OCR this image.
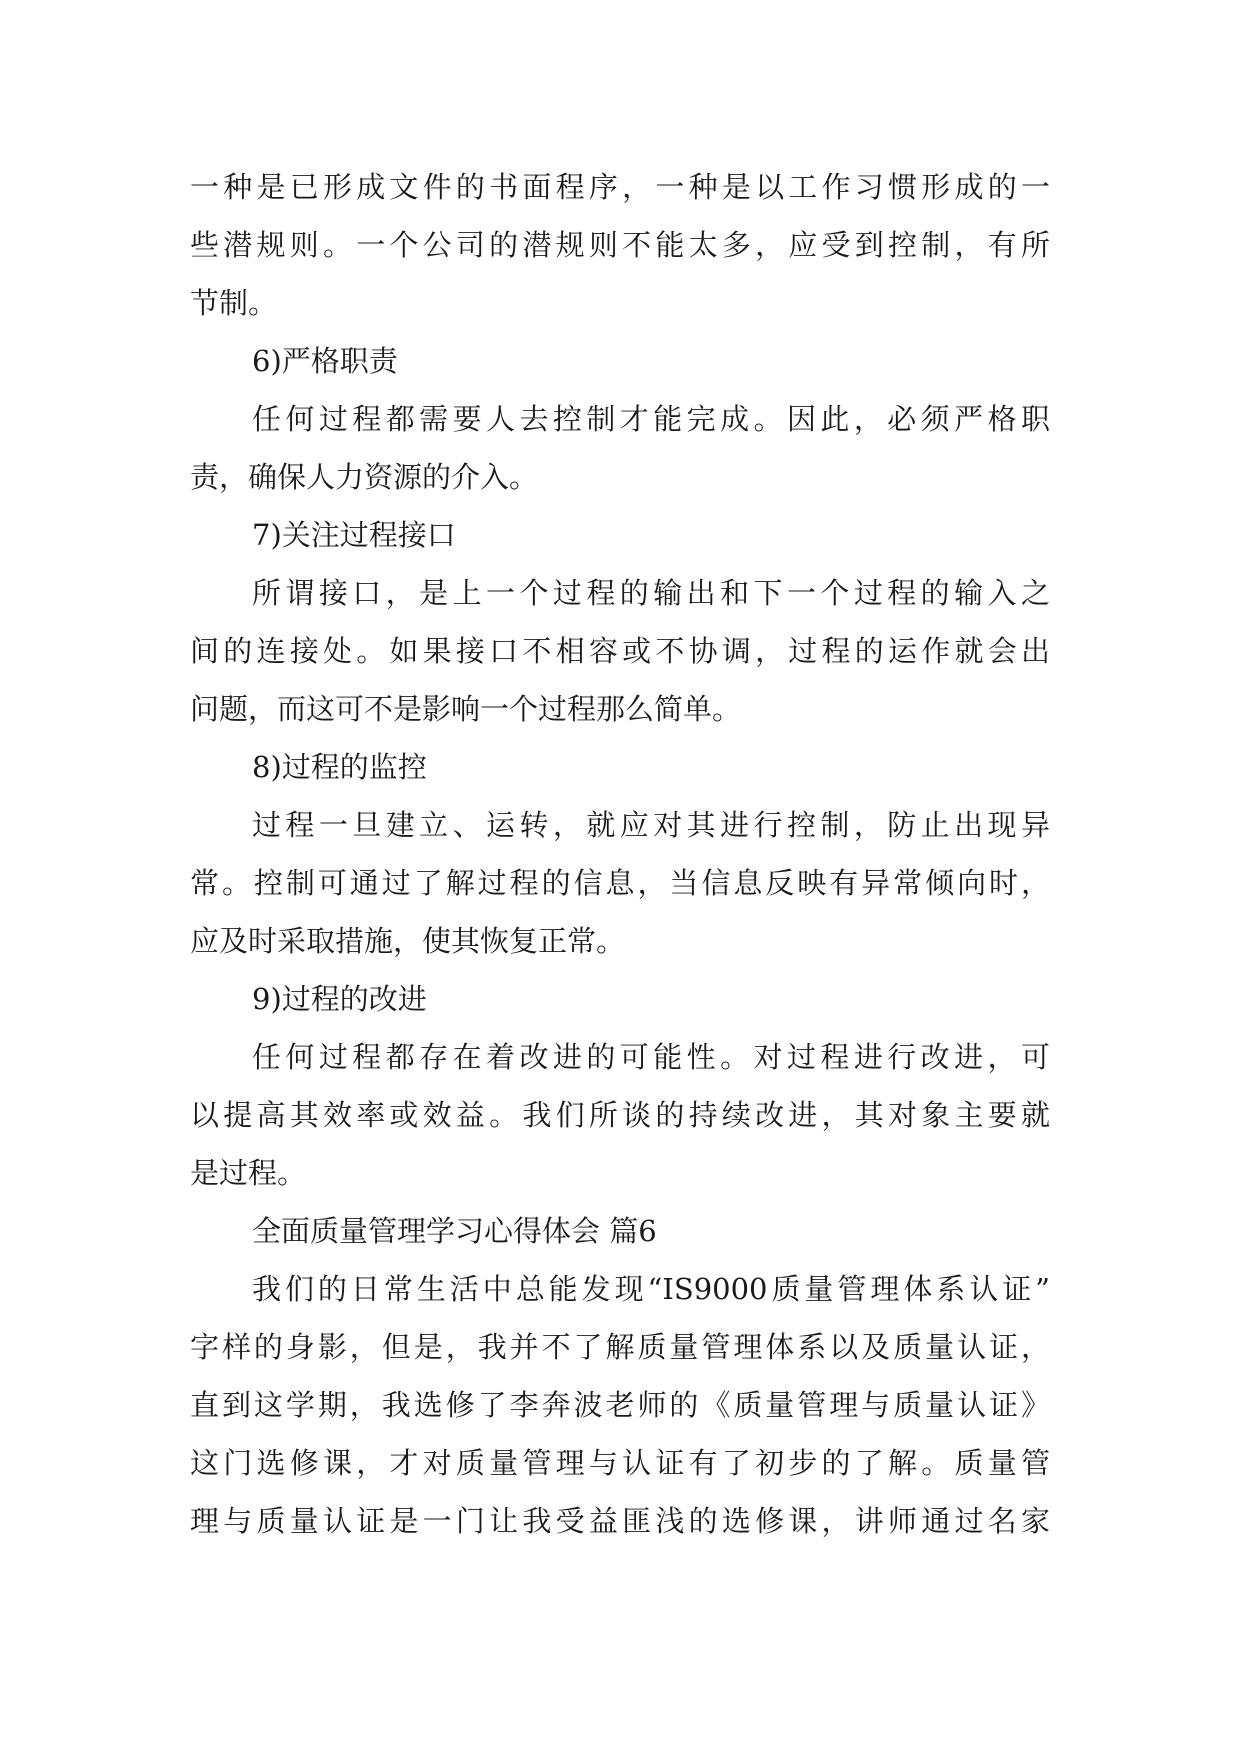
一种是已形成文件的书面程序，一种是以工作习惯形成的一
些潜规则。一个公司的潜规则不能太多，应受到控制，有所
节制。
6)严格职责
任何过程都需要人去控制才能完成。因此，必须严格职
责，确保人力资源的介入。
7)关注过程接口
所谓接口，是上一个过程的输出和下一个过程的输入之
间的连接处。如果接口不相容或不协调，过程的运作就会出
问题，而这可不是影响一个过程那么简单。
8)过程的监控
过程一旦建立、运转，就应对其进行控制，防止出现异
常。控制可通过了解过程的信息，当信息反映有异常倾向时，
应及时采取措施，使其恢复正常。
9)过程的改进
任何过程都存在着改进的可能性。对过程进行改进，可
以提高其效率或效益。我们所谈的持续改进，其对象主要就
是过程。
全面质量管理学习心得体会 篇6
我们的日常生活中总能发现“IS9000质量管理体系认证”
字样的身影，但是，我并不了解质量管理体系以及质量认证，
直到这学期，我选修了李奔波老师的《质量管理与质量认证》
这门选修课，才对质量管理与认证有了初步的了解。质量管
理与质量认证是一门让我受益匪浅的选修课，讲师通过名家
